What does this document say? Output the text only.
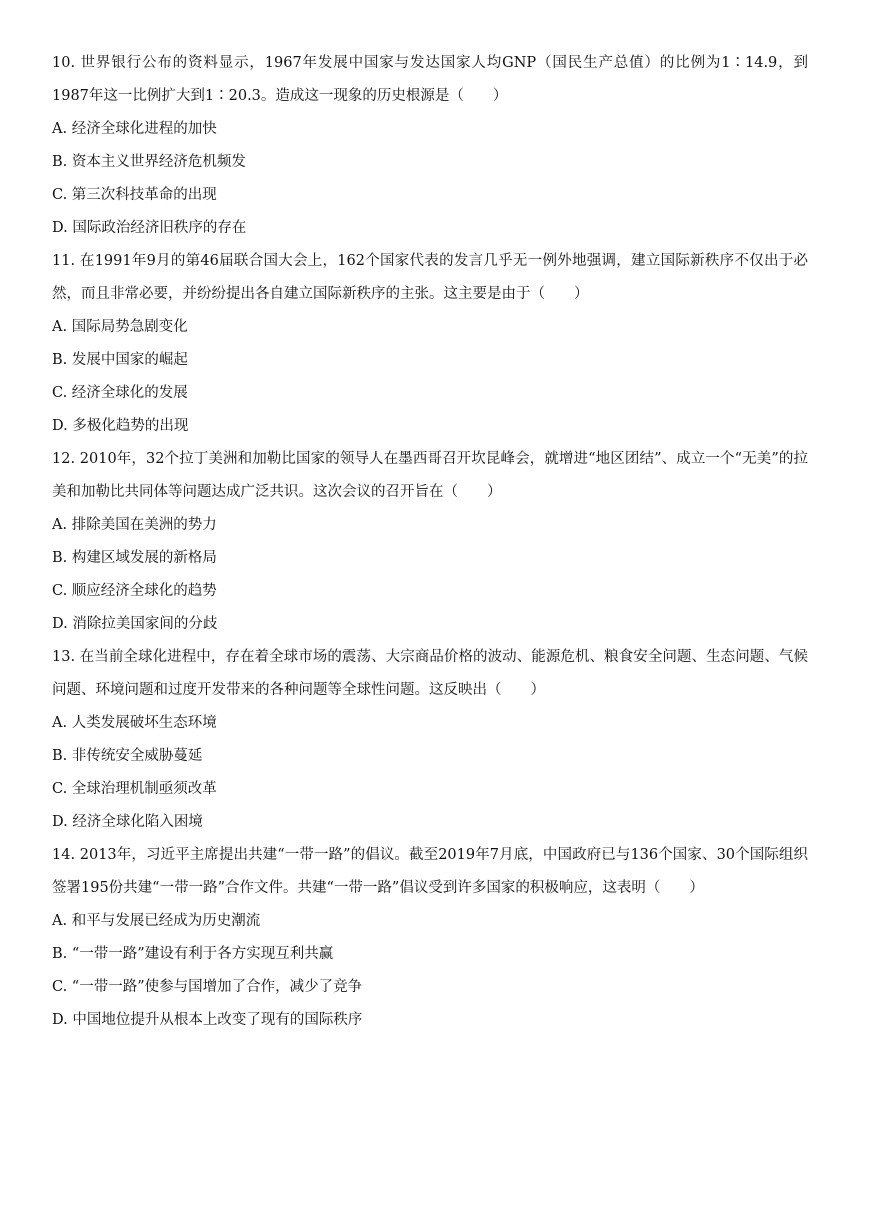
10. 世界银行公布的资料显示，1967年发展中国家与发达国家人均GNP（国民生产总值）的比例为1∶14.9，到1987年这一比例扩大到1∶20.3。造成这一现象的历史根源是（　　）

A. 经济全球化进程的加快

B. 资本主义世界经济危机频发

C. 第三次科技革命的出现

D. 国际政治经济旧秩序的存在

11. 在1991年9月的第46届联合国大会上，162个国家代表的发言几乎无一例外地强调，建立国际新秩序不仅出于必然，而且非常必要，并纷纷提出各自建立国际新秩序的主张。这主要是由于（　　）

A. 国际局势急剧变化

B. 发展中国家的崛起

C. 经济全球化的发展

D. 多极化趋势的出现

12. 2010年，32个拉丁美洲和加勒比国家的领导人在墨西哥召开坎昆峰会，就增进“地区团结”、成立一个“无美”的拉美和加勒比共同体等问题达成广泛共识。这次会议的召开旨在（　　）

A. 排除美国在美洲的势力

B. 构建区域发展的新格局

C. 顺应经济全球化的趋势

D. 消除拉美国家间的分歧

13. 在当前全球化进程中，存在着全球市场的震荡、大宗商品价格的波动、能源危机、粮食安全问题、生态问题、气候问题、环境问题和过度开发带来的各种问题等全球性问题。这反映出（　　）

A. 人类发展破坏生态环境

B. 非传统安全威胁蔓延

C. 全球治理机制亟须改革

D. 经济全球化陷入困境

14. 2013年，习近平主席提出共建“一带一路”的倡议。截至2019年7月底，中国政府已与136个国家、30个国际组织签署195份共建“一带一路”合作文件。共建“一带一路”倡议受到许多国家的积极响应，这表明（　　）

A. 和平与发展已经成为历史潮流

B. “一带一路”建设有利于各方实现互利共赢

C. “一带一路”使参与国增加了合作，减少了竞争

D. 中国地位提升从根本上改变了现有的国际秩序
